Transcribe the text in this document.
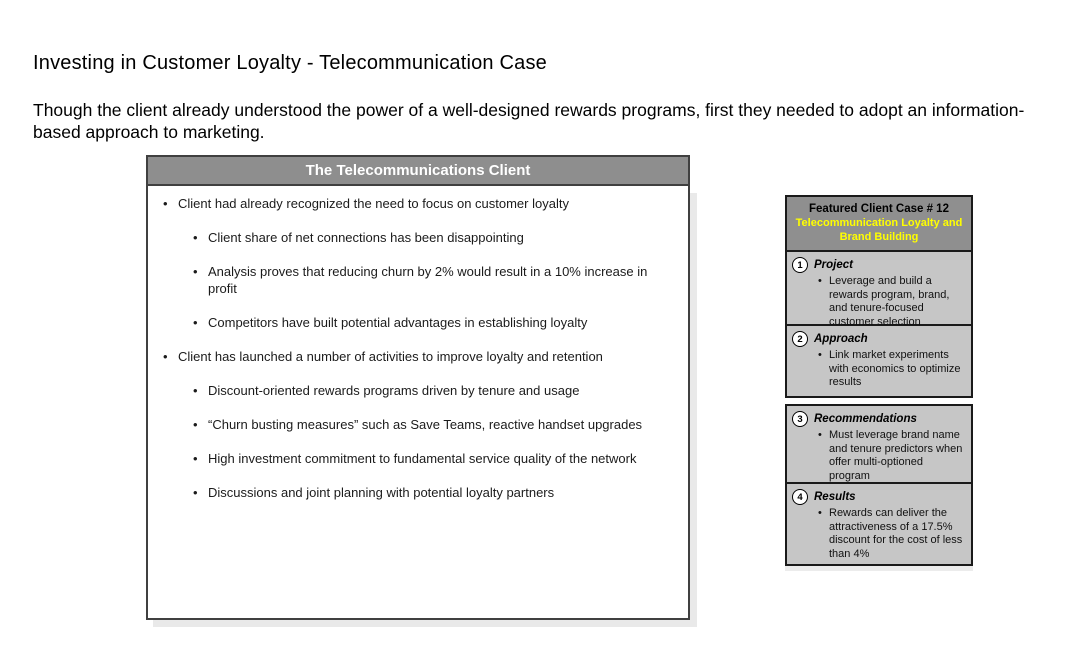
Investing in Customer Loyalty - Telecommunication Case
Though the client already understood the power of a well-designed rewards programs, first they needed to adopt an information-based approach to marketing.
The Telecommunications Client
• Client had already recognized the need to focus on customer loyalty
• Client share of net connections has been disappointing
• Analysis proves that reducing churn by 2% would result in a 10% increase in profit
• Competitors have built potential advantages in establishing loyalty
• Client has launched a number of activities to improve loyalty and retention
• Discount-oriented rewards programs driven by tenure and usage
• “Churn busting measures” such as Save Teams, reactive handset upgrades
• High investment commitment to fundamental service quality of the network
• Discussions and joint planning with potential loyalty partners
Featured Client Case # 12
Telecommunication Loyalty and Brand Building
1 Project
• Leverage and build a rewards program, brand, and tenure-focused customer selection
2 Approach
• Link market experiments with economics to optimize results
3 Recommendations
• Must leverage brand name and tenure predictors when offer multi-optioned program
4 Results
• Rewards can deliver the attractiveness of a 17.5% discount for the cost of less than 4%
